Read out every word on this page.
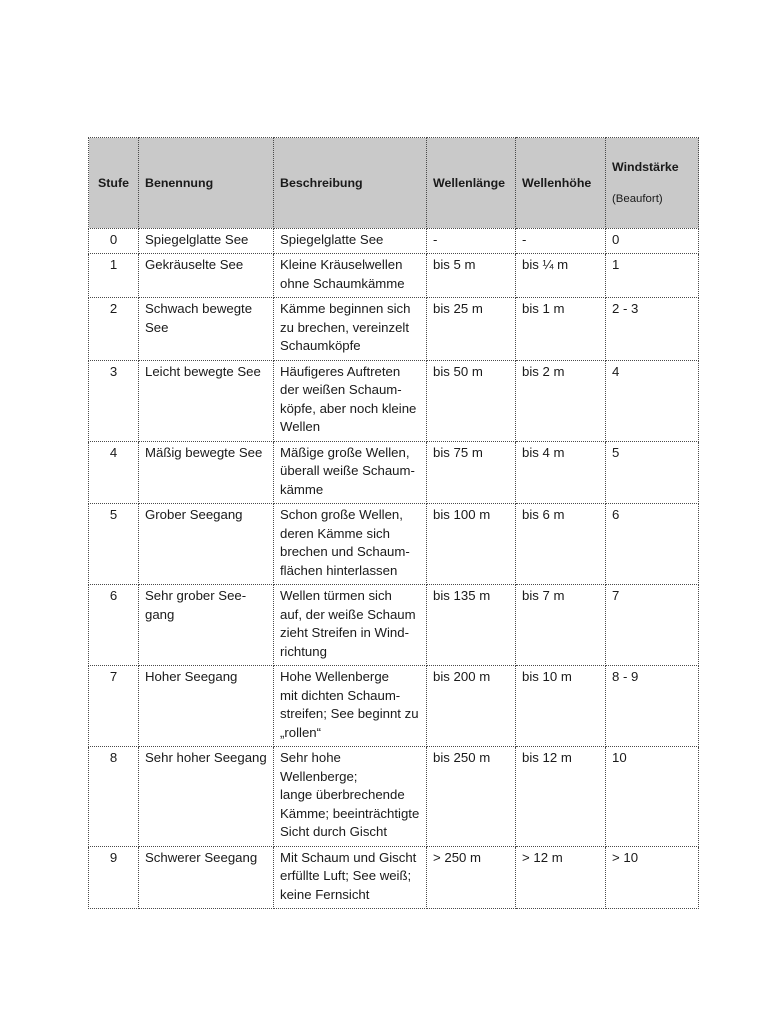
Stufe	Benennung	Beschreibung	Wellenlänge	Wellenhöhe	Windstärke

(Beaufort)

0	Spiegelglatte See	Spiegelglatte See	-	-	0
1	Gekräuselte See	Kleine Kräuselwellen
ohne Schaumkämme	bis 5 m	bis ¼ m	1
2	Schwach bewegte
See	Kämme beginnen sich
zu brechen, vereinzelt
Schaumköpfe	bis 25 m	bis 1 m	2 - 3
3	Leicht bewegte See	Häufigeres Auftreten
der weißen Schaum-
köpfe, aber noch kleine
Wellen	bis 50 m	bis 2 m	4
4	Mäßig bewegte See	Mäßige große Wellen,
überall weiße Schaum-
kämme	bis 75 m	bis 4 m	5
5	Grober Seegang	Schon große Wellen,
deren Kämme sich
brechen und Schaum-
flächen hinterlassen	bis 100 m	bis 6 m	6
6	Sehr grober See-
gang	Wellen türmen sich
auf, der weiße Schaum
zieht Streifen in Wind-
richtung	bis 135 m	bis 7 m	7
7	Hoher Seegang	Hohe Wellenberge
mit dichten Schaum-
streifen; See beginnt zu
„rollen“	bis 200 m	bis 10 m	8 - 9
8	Sehr hoher Seegang	Sehr hohe Wellenberge;
lange überbrechende
Kämme; beeinträchtigte
Sicht durch Gischt	bis 250 m	bis 12 m	10
9	Schwerer Seegang	Mit Schaum und Gischt
erfüllte Luft; See weiß;
keine Fernsicht	> 250 m	> 12 m	> 10
